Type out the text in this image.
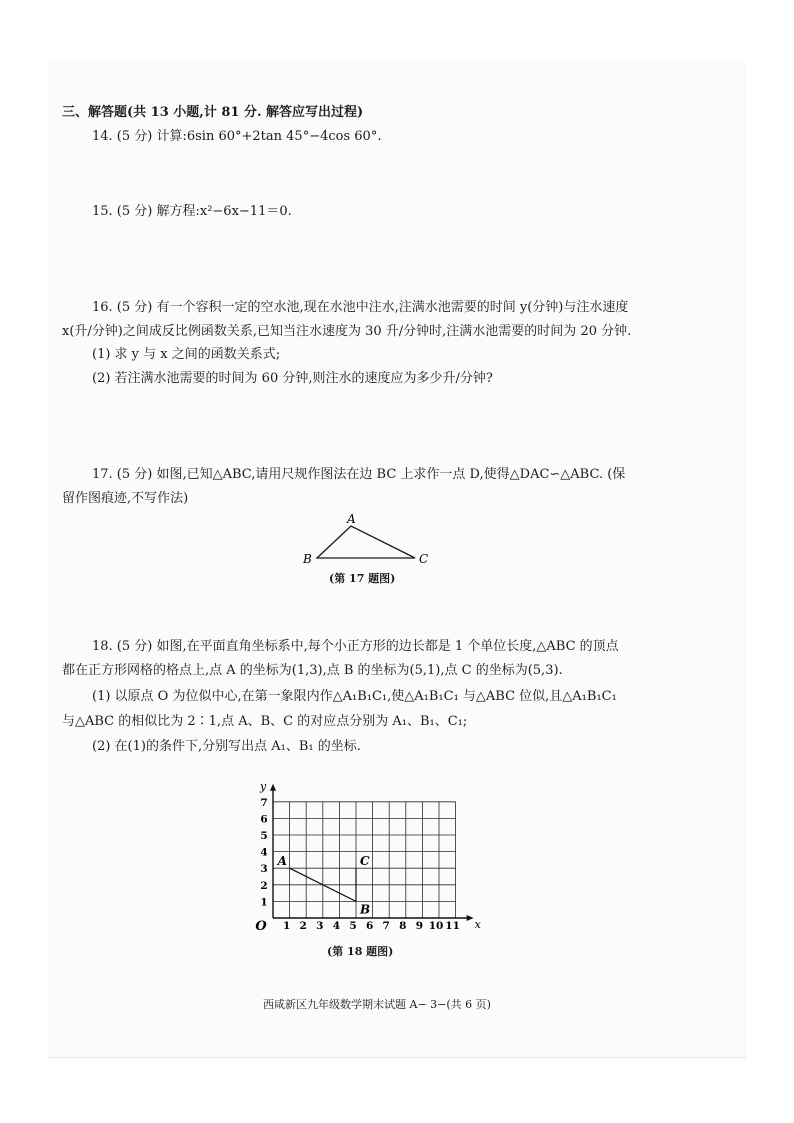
三、解答题(共 13 小题,计 81 分. 解答应写出过程)
14. (5 分) 计算:6sin 60°+2tan 45°−4cos 60°.
15. (5 分) 解方程:x²−6x−11＝0.
16. (5 分) 有一个容积一定的空水池,现在水池中注水,注满水池需要的时间 y(分钟)与注水速度
x(升/分钟)之间成反比例函数关系,已知当注水速度为 30 升/分钟时,注满水池需要的时间为 20 分钟.
(1) 求 y 与 x 之间的函数关系式;
(2) 若注满水池需要的时间为 60 分钟,则注水的速度应为多少升/分钟?
17. (5 分) 如图,已知△ABC,请用尺规作图法在边 BC 上求作一点 D,使得△DAC∽△ABC. (保
留作图痕迹,不写作法)
A
B	C
(第 17 题图)
18. (5 分) 如图,在平面直角坐标系中,每个小正方形的边长都是 1 个单位长度,△ABC 的顶点
都在正方形网格的格点上,点 A 的坐标为(1,3),点 B 的坐标为(5,1),点 C 的坐标为(5,3).
(1) 以原点 O 为位似中心,在第一象限内作△A₁B₁C₁,使△A₁B₁C₁ 与△ABC 位似,且△A₁B₁C₁
与△ABC 的相似比为 2∶1,点 A、B、C 的对应点分别为 A₁、B₁、C₁;
(2) 在(1)的条件下,分别写出点 A₁、B₁ 的坐标.
1 2 3 4 5 6 7 8 9 10 11
1
2
3
4
5
6
7
O	x
y
A
B
C
(第 18 题图)
西咸新区九年级数学期末试题 A− 3−(共 6 页)
